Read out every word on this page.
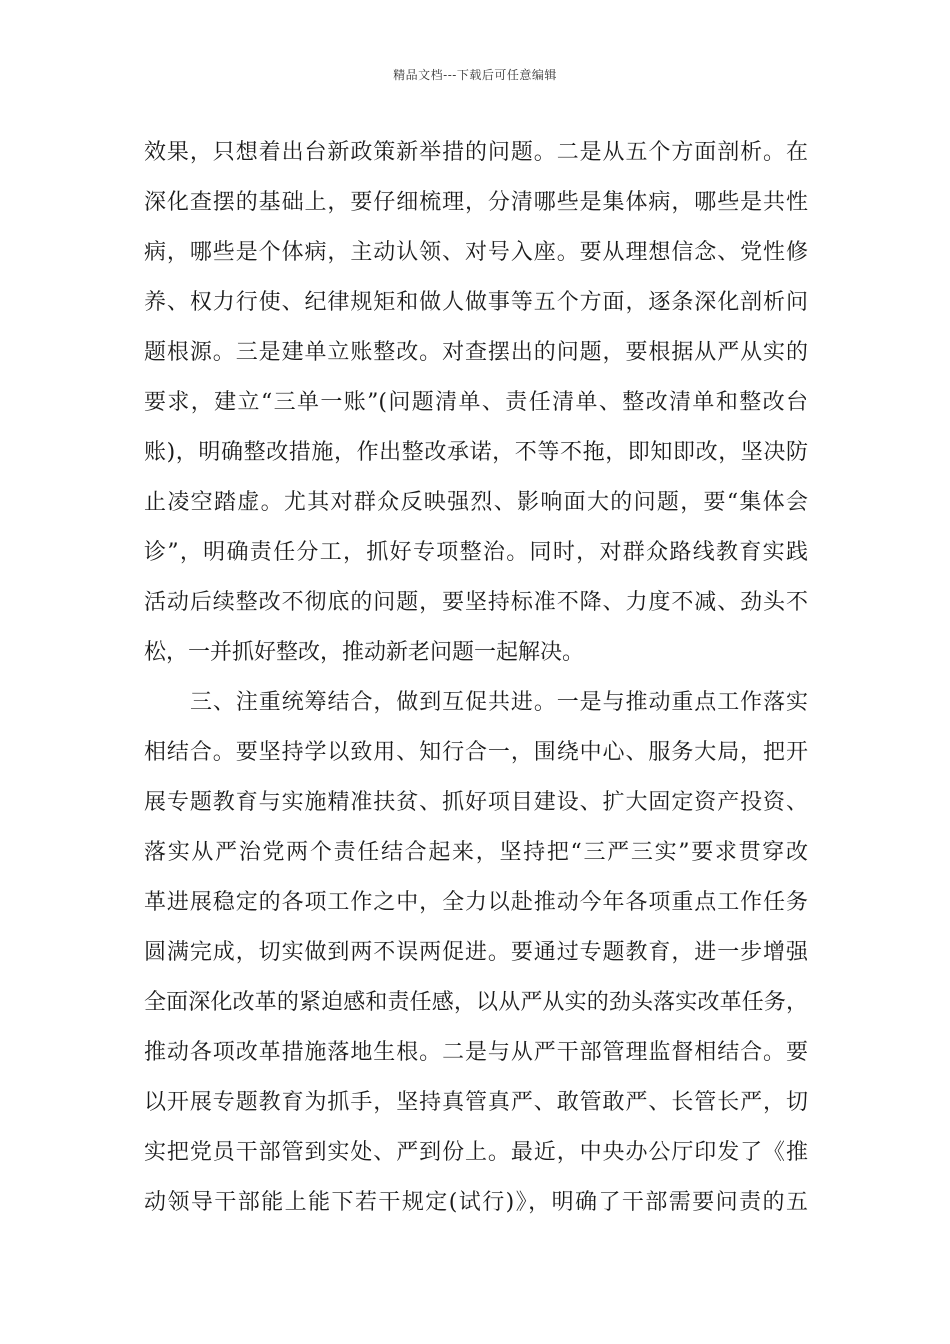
精品文档---下载后可任意编辑
效果，只想着出台新政策新举措的问题。二是从五个方面剖析。在
深化查摆的基础上，要仔细梳理，分清哪些是集体病，哪些是共性
病，哪些是个体病，主动认领、对号入座。要从理想信念、党性修
养、权力行使、纪律规矩和做人做事等五个方面，逐条深化剖析问
题根源。三是建单立账整改。对查摆出的问题，要根据从严从实的
要求，建立“三单一账”(问题清单、责任清单、整改清单和整改台
账)，明确整改措施，作出整改承诺，不等不拖，即知即改，坚决防
止凌空踏虚。尤其对群众反映强烈、影响面大的问题，要“集体会
诊”，明确责任分工，抓好专项整治。同时，对群众路线教育实践
活动后续整改不彻底的问题，要坚持标准不降、力度不减、劲头不
松，一并抓好整改，推动新老问题一起解决。
三、注重统筹结合，做到互促共进。一是与推动重点工作落实
相结合。要坚持学以致用、知行合一，围绕中心、服务大局，把开
展专题教育与实施精准扶贫、抓好项目建设、扩大固定资产投资、
落实从严治党两个责任结合起来，坚持把“三严三实”要求贯穿改
革进展稳定的各项工作之中，全力以赴推动今年各项重点工作任务
圆满完成，切实做到两不误两促进。要通过专题教育，进一步增强
全面深化改革的紧迫感和责任感，以从严从实的劲头落实改革任务，
推动各项改革措施落地生根。二是与从严干部管理监督相结合。要
以开展专题教育为抓手，坚持真管真严、敢管敢严、长管长严，切
实把党员干部管到实处、严到份上。最近，中央办公厅印发了《推
动领导干部能上能下若干规定(试行)》，明确了干部需要问责的五
